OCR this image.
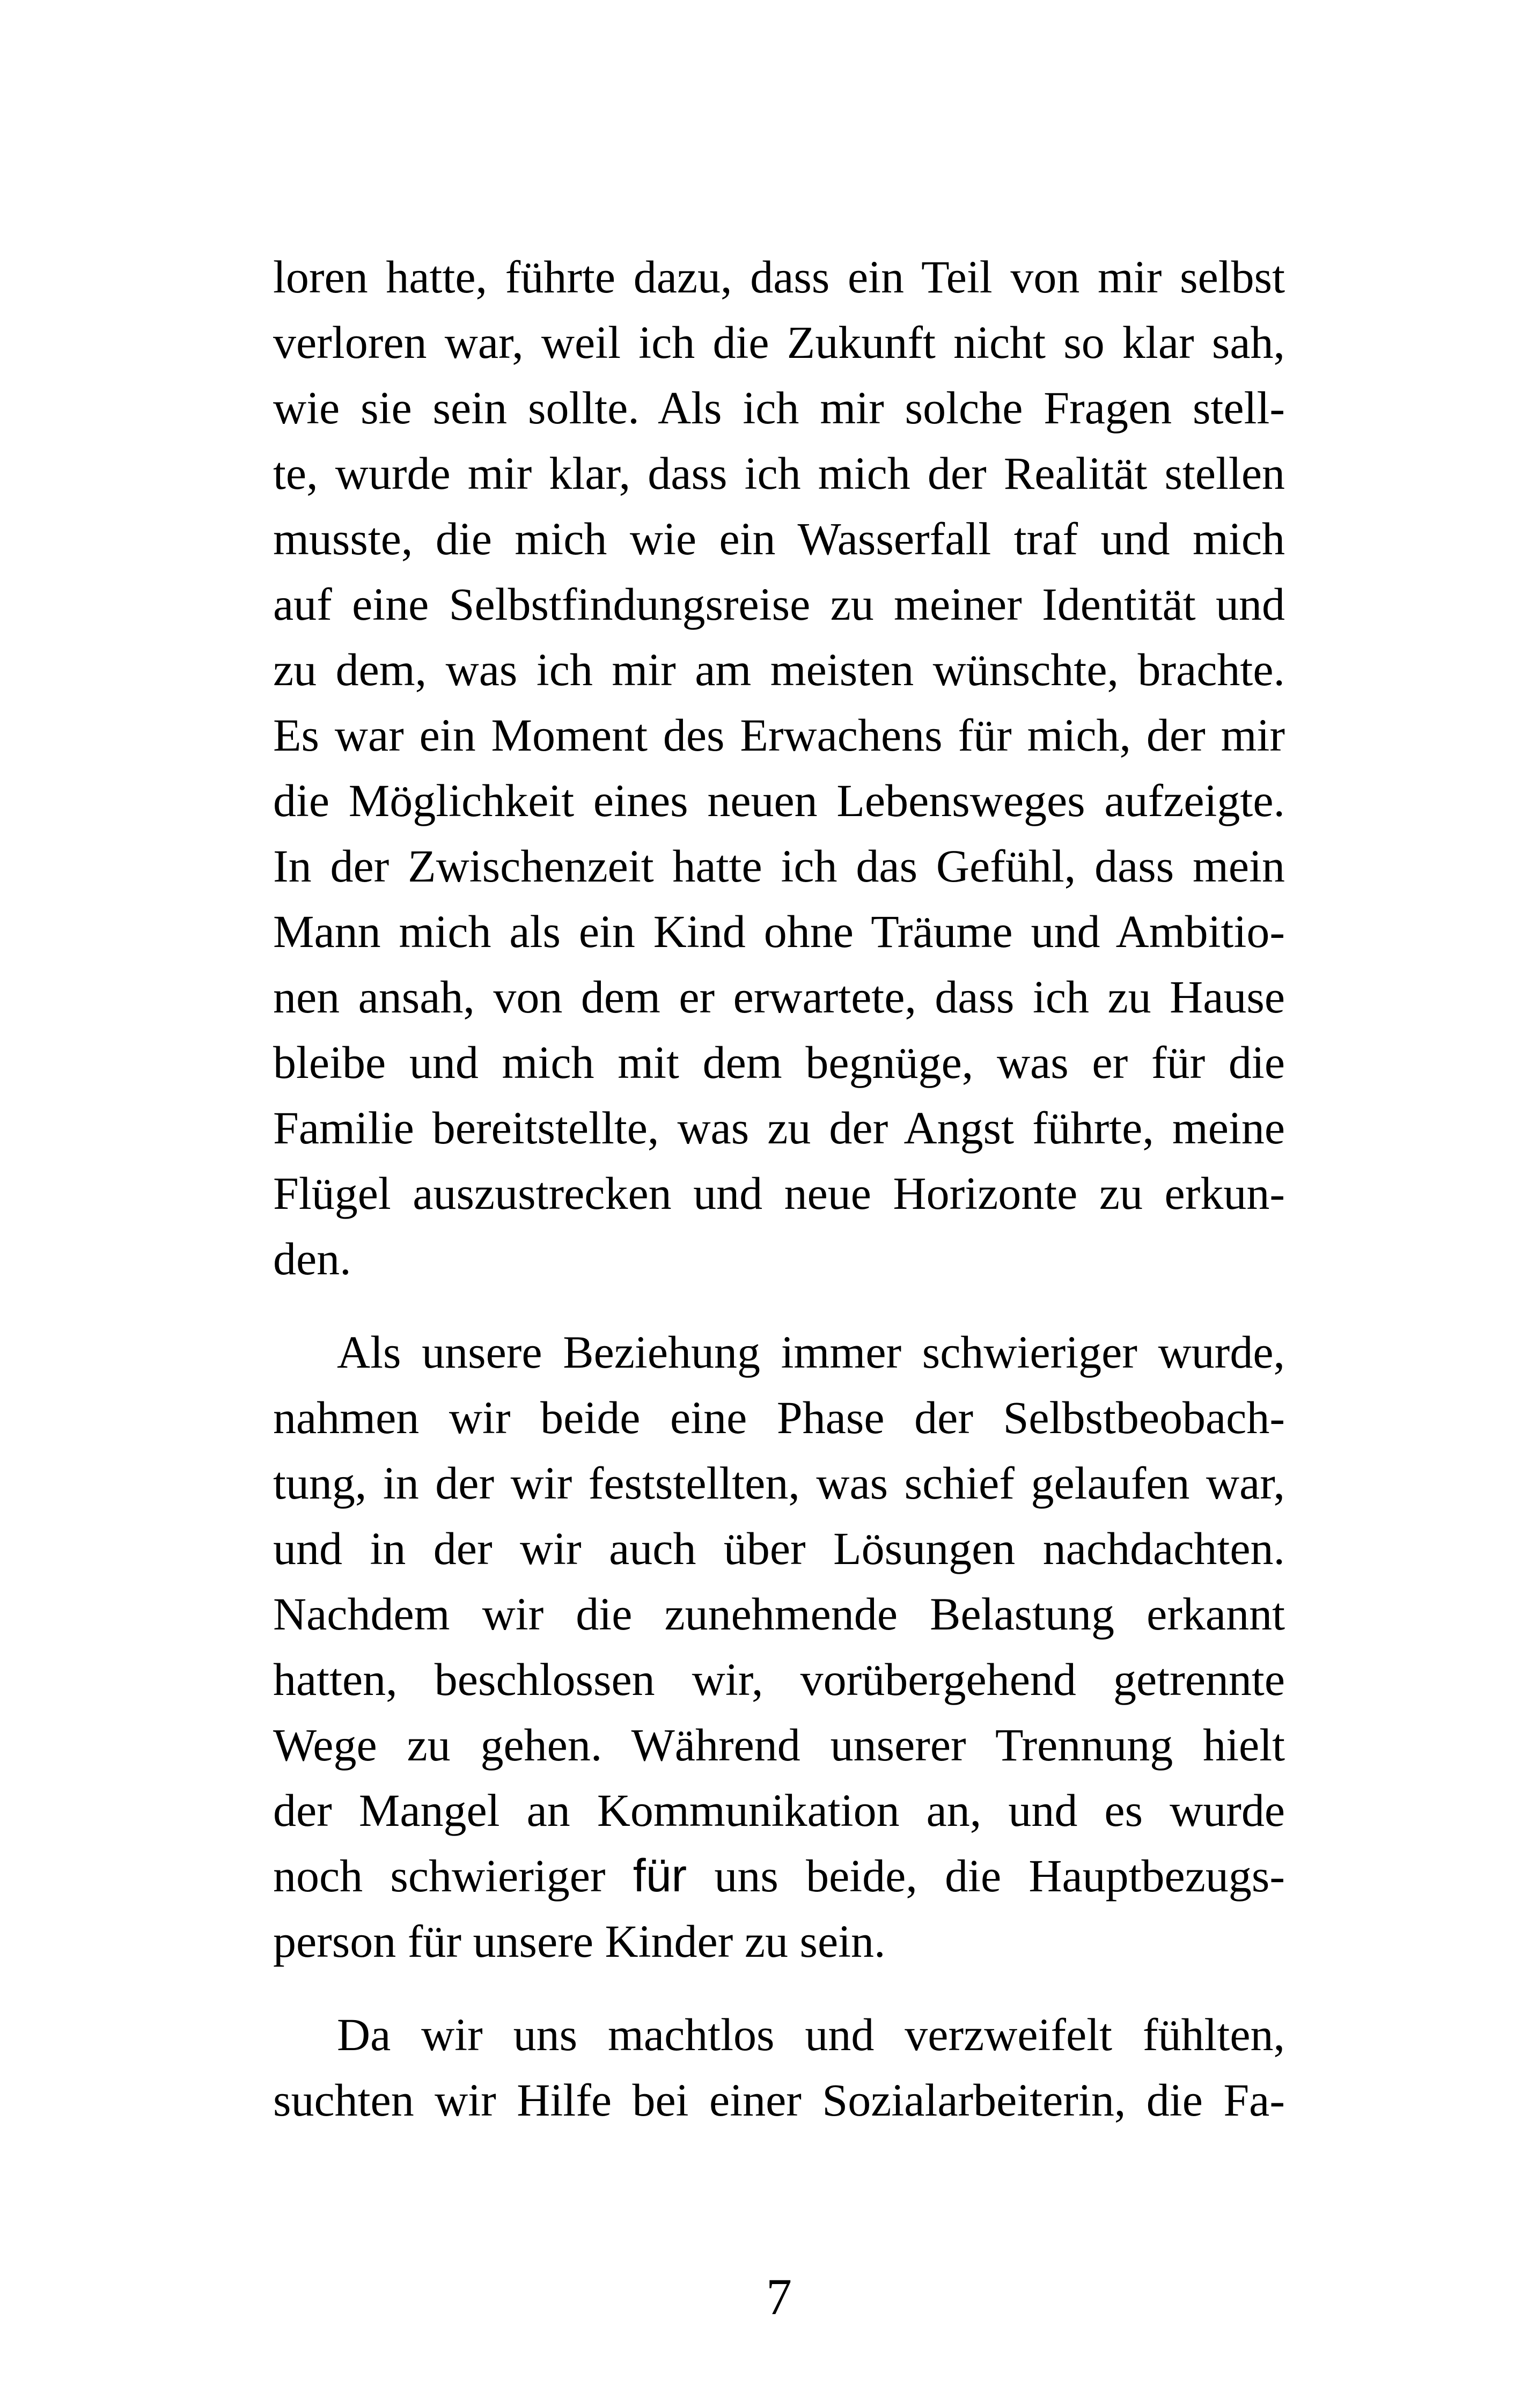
loren hatte, führte dazu, dass ein Teil von mir selbst
verloren war, weil ich die Zukunft nicht so klar sah,
wie sie sein sollte. Als ich mir solche Fragen stell-
te, wurde mir klar, dass ich mich der Realität stellen
musste, die mich wie ein Wasserfall traf und mich
auf eine Selbstfindungsreise zu meiner Identität und
zu dem, was ich mir am meisten wünschte, brachte.
Es war ein Moment des Erwachens für mich, der mir
die Möglichkeit eines neuen Lebensweges aufzeigte.
In der Zwischenzeit hatte ich das Gefühl, dass mein
Mann mich als ein Kind ohne Träume und Ambitio-
nen ansah, von dem er erwartete, dass ich zu Hause
bleibe und mich mit dem begnüge, was er für die
Familie bereitstellte, was zu der Angst führte, meine
Flügel auszustrecken und neue Horizonte zu erkun-
den.
Als unsere Beziehung immer schwieriger wurde,
nahmen wir beide eine Phase der Selbstbeobach-
tung, in der wir feststellten, was schief gelaufen war,
und in der wir auch über Lösungen nachdachten.
Nachdem wir die zunehmende Belastung erkannt
hatten, beschlossen wir, vorübergehend getrennte
Wege zu gehen. Während unserer Trennung hielt
der Mangel an Kommunikation an, und es wurde
noch schwieriger für uns beide, die Hauptbezugs-
person für unsere Kinder zu sein.
Da wir uns machtlos und verzweifelt fühlten,
suchten wir Hilfe bei einer Sozialarbeiterin, die Fa-
7
